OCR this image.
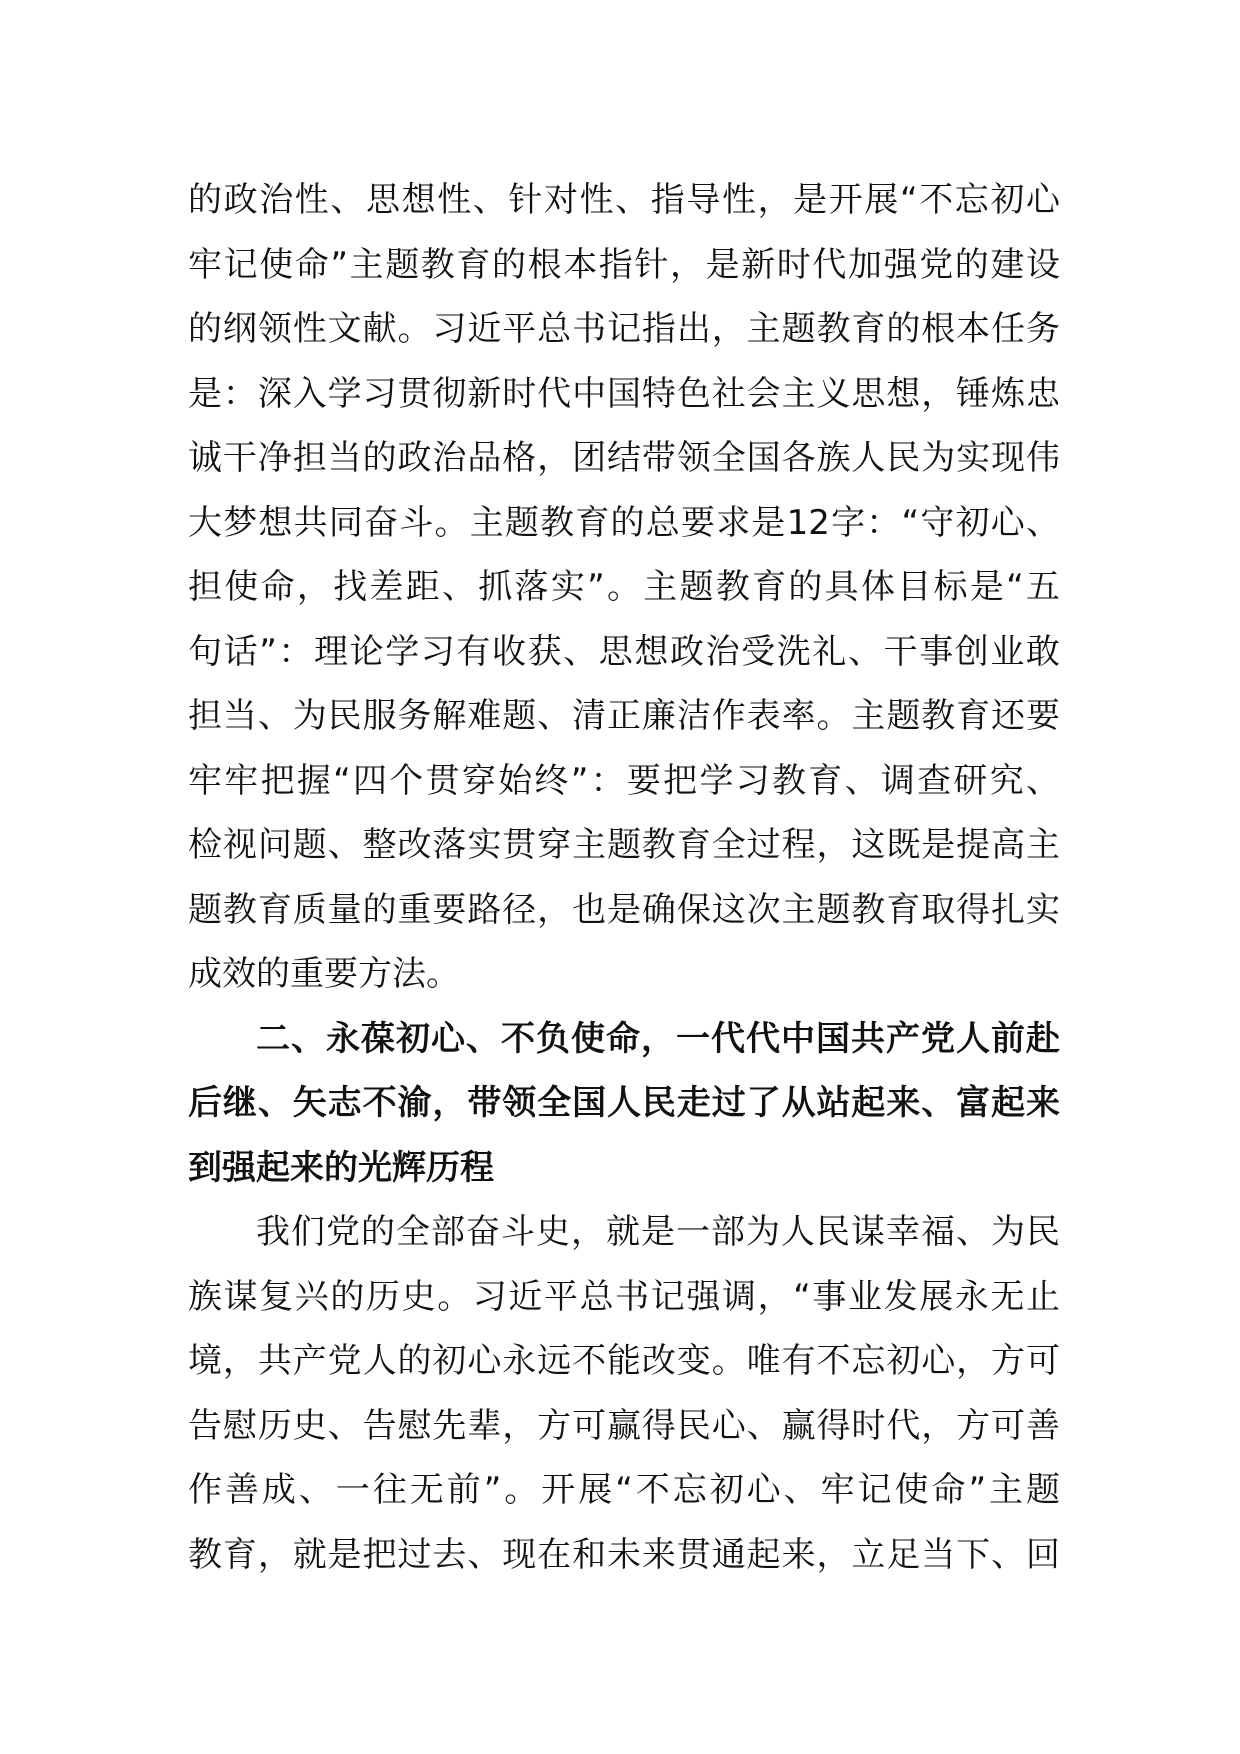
的政治性、思想性、针对性、指导性，是开展“不忘初心
牢记使命”主题教育的根本指针，是新时代加强党的建设
的纲领性文献。习近平总书记指出，主题教育的根本任务
是：深入学习贯彻新时代中国特色社会主义思想，锤炼忠
诚干净担当的政治品格，团结带领全国各族人民为实现伟
大梦想共同奋斗。主题教育的总要求是12字：“守初心、
担使命，找差距、抓落实”。主题教育的具体目标是“五
句话”：理论学习有收获、思想政治受洗礼、干事创业敢
担当、为民服务解难题、清正廉洁作表率。主题教育还要
牢牢把握“四个贯穿始终”：要把学习教育、调查研究、
检视问题、整改落实贯穿主题教育全过程，这既是提高主
题教育质量的重要路径，也是确保这次主题教育取得扎实
成效的重要方法。
二、永葆初心、不负使命，一代代中国共产党人前赴
后继、矢志不渝，带领全国人民走过了从站起来、富起来
到强起来的光辉历程
我们党的全部奋斗史，就是一部为人民谋幸福、为民
族谋复兴的历史。习近平总书记强调，“事业发展永无止
境，共产党人的初心永远不能改变。唯有不忘初心，方可
告慰历史、告慰先辈，方可赢得民心、赢得时代，方可善
作善成、一往无前”。开展“不忘初心、牢记使命”主题
教育，就是把过去、现在和未来贯通起来，立足当下、回
